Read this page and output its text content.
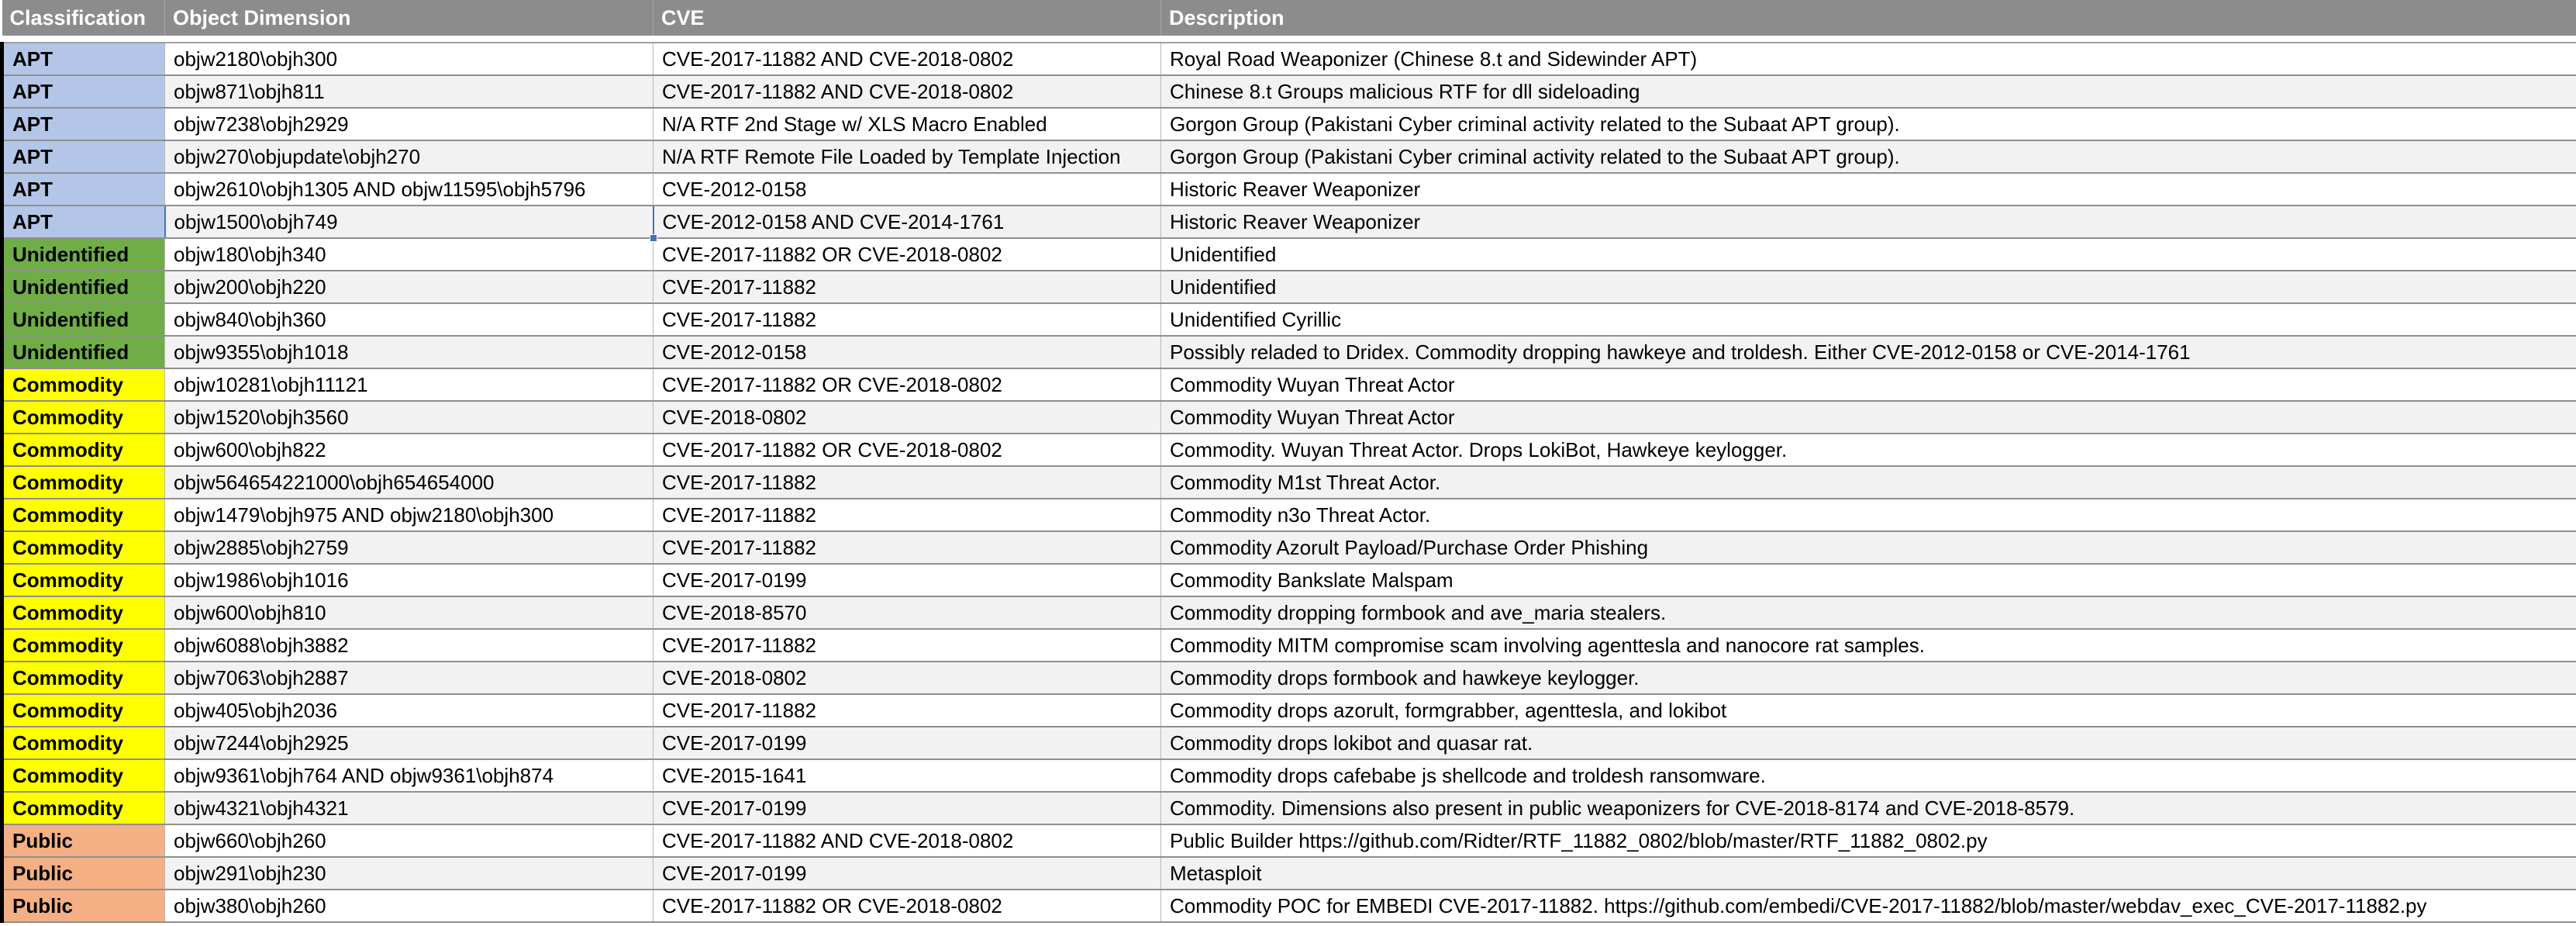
Classification	Object Dimension	CVE	Description

APT	objw2180\objh300	CVE-2017-11882 AND CVE-2018-0802	Royal Road Weaponizer (Chinese 8.t and Sidewinder APT)
APT	objw871\objh811	CVE-2017-11882 AND CVE-2018-0802	Chinese 8.t Groups malicious RTF for dll sideloading
APT	objw7238\objh2929	N/A RTF 2nd Stage w/ XLS Macro Enabled	Gorgon Group (Pakistani Cyber criminal activity related to the Subaat APT group).
APT	objw270\objupdate\objh270	N/A RTF Remote File Loaded by Template Injection	Gorgon Group (Pakistani Cyber criminal activity related to the Subaat APT group).
APT	objw2610\objh1305 AND objw11595\objh5796	CVE-2012-0158	Historic Reaver Weaponizer
APT	objw1500\objh749	CVE-2012-0158 AND CVE-2014-1761	Historic Reaver Weaponizer
Unidentified	objw180\objh340	CVE-2017-11882 OR CVE-2018-0802	Unidentified
Unidentified	objw200\objh220	CVE-2017-11882	Unidentified
Unidentified	objw840\objh360	CVE-2017-11882	Unidentified Cyrillic
Unidentified	objw9355\objh1018	CVE-2012-0158	Possibly reladed to Dridex. Commodity dropping hawkeye and troldesh. Either CVE-2012-0158 or CVE-2014-1761
Commodity	objw10281\objh11121	CVE-2017-11882 OR CVE-2018-0802	Commodity Wuyan Threat Actor
Commodity	objw1520\objh3560	CVE-2018-0802	Commodity Wuyan Threat Actor
Commodity	objw600\objh822	CVE-2017-11882 OR CVE-2018-0802	Commodity. Wuyan Threat Actor. Drops LokiBot, Hawkeye keylogger.
Commodity	objw564654221000\objh654654000	CVE-2017-11882	Commodity M1st Threat Actor.
Commodity	objw1479\objh975 AND objw2180\objh300	CVE-2017-11882	Commodity n3o Threat Actor.
Commodity	objw2885\objh2759	CVE-2017-11882	Commodity Azorult Payload/Purchase Order Phishing
Commodity	objw1986\objh1016	CVE-2017-0199	Commodity Bankslate Malspam
Commodity	objw600\objh810	CVE-2018-8570	Commodity dropping formbook and ave_maria stealers.
Commodity	objw6088\objh3882	CVE-2017-11882	Commodity MITM compromise scam involving agenttesla and nanocore rat samples.
Commodity	objw7063\objh2887	CVE-2018-0802	Commodity drops formbook and hawkeye keylogger.
Commodity	objw405\objh2036	CVE-2017-11882	Commodity drops azorult, formgrabber, agenttesla, and lokibot
Commodity	objw7244\objh2925	CVE-2017-0199	Commodity drops lokibot and quasar rat.
Commodity	objw9361\objh764 AND objw9361\objh874	CVE-2015-1641	Commodity drops cafebabe js shellcode and troldesh ransomware.
Commodity	objw4321\objh4321	CVE-2017-0199	Commodity. Dimensions also present in public weaponizers for CVE-2018-8174 and CVE-2018-8579.
Public	objw660\objh260	CVE-2017-11882 AND CVE-2018-0802	Public Builder https://github.com/Ridter/RTF_11882_0802/blob/master/RTF_11882_0802.py
Public	objw291\objh230	CVE-2017-0199	Metasploit
Public	objw380\objh260	CVE-2017-11882 OR CVE-2018-0802	Commodity POC for EMBEDI CVE-2017-11882. https://github.com/embedi/CVE-2017-11882/blob/master/webdav_exec_CVE-2017-11882.py
